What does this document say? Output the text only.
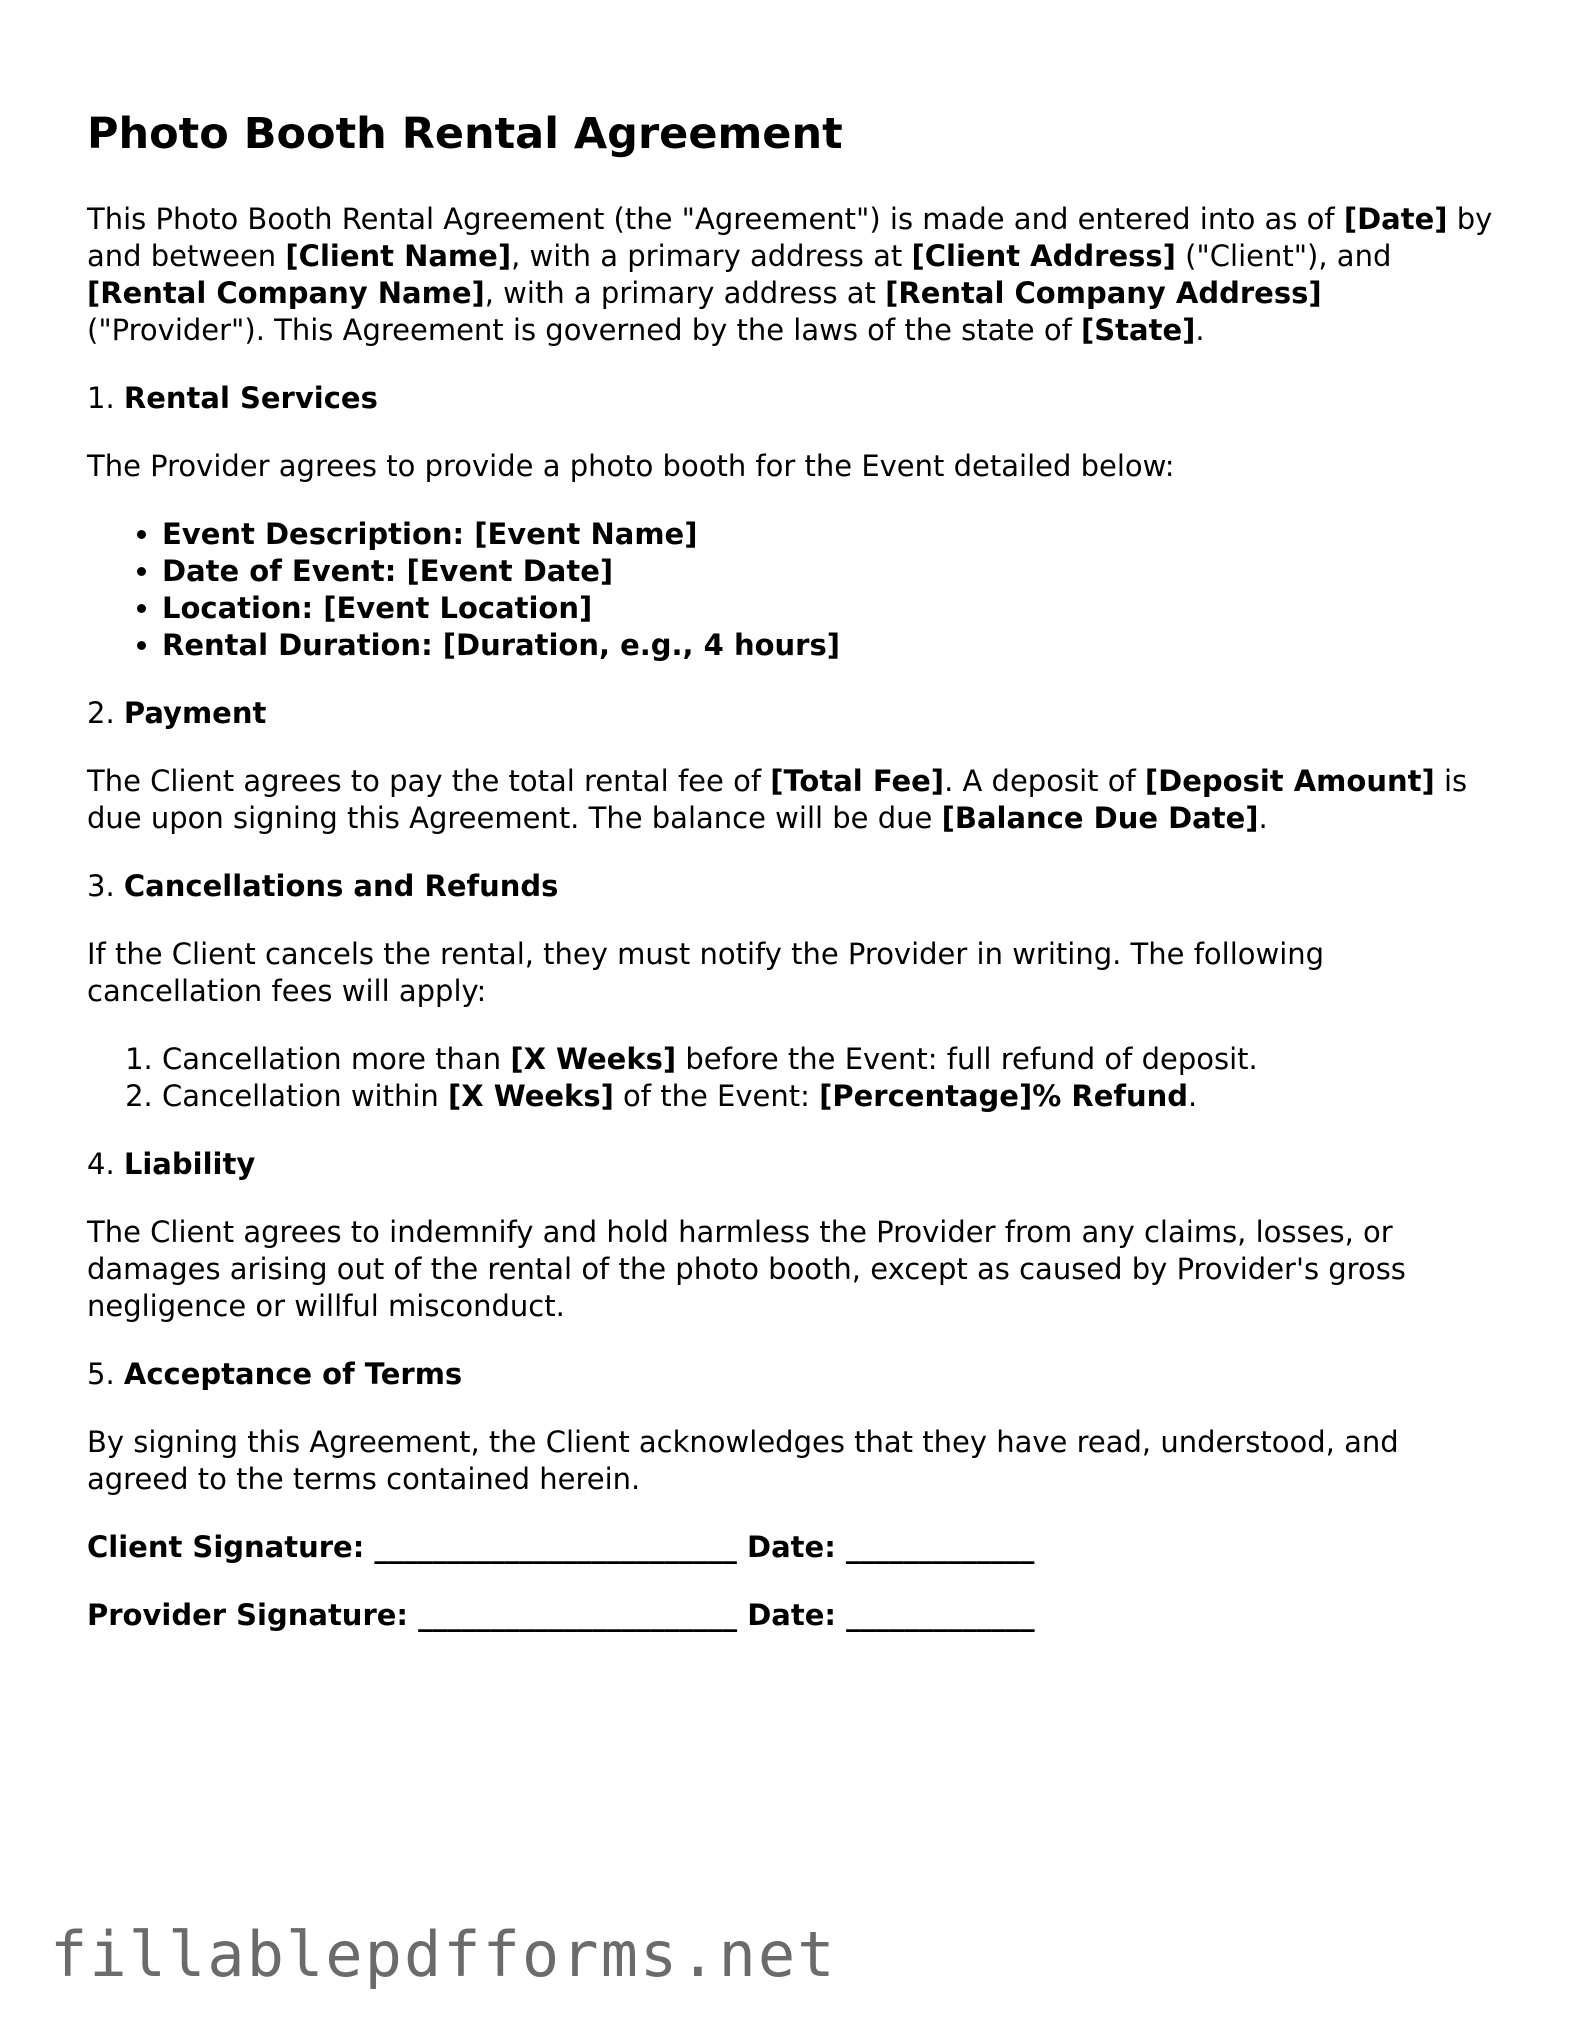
Photo Booth Rental Agreement

This Photo Booth Rental Agreement (the "Agreement") is made and entered into as of [Date] by and between [Client Name], with a primary address at [Client Address] ("Client"), and [Rental Company Name], with a primary address at [Rental Company Address] ("Provider"). This Agreement is governed by the laws of the state of [State].

1. Rental Services

The Provider agrees to provide a photo booth for the Event detailed below:

• Event Description: [Event Name]
• Date of Event: [Event Date]
• Location: [Event Location]
• Rental Duration: [Duration, e.g., 4 hours]
2. Payment

The Client agrees to pay the total rental fee of [Total Fee]. A deposit of [Deposit Amount] is due upon signing this Agreement. The balance will be due [Balance Due Date].

3. Cancellations and Refunds

If the Client cancels the rental, they must notify the Provider in writing. The following cancellation fees will apply:

1. Cancellation more than [X Weeks] before the Event: full refund of deposit.
2. Cancellation within [X Weeks] of the Event: [Percentage]% Refund.
4. Liability

The Client agrees to indemnify and hold harmless the Provider from any claims, losses, or damages arising out of the rental of the photo booth, except as caused by Provider's gross negligence or willful misconduct.

5. Acceptance of Terms

By signing this Agreement, the Client acknowledges that they have read, understood, and agreed to the terms contained herein.

Client Signature: _________________________ Date: _____________

Provider Signature: ______________________ Date: _____________

fillablepdfforms.net
